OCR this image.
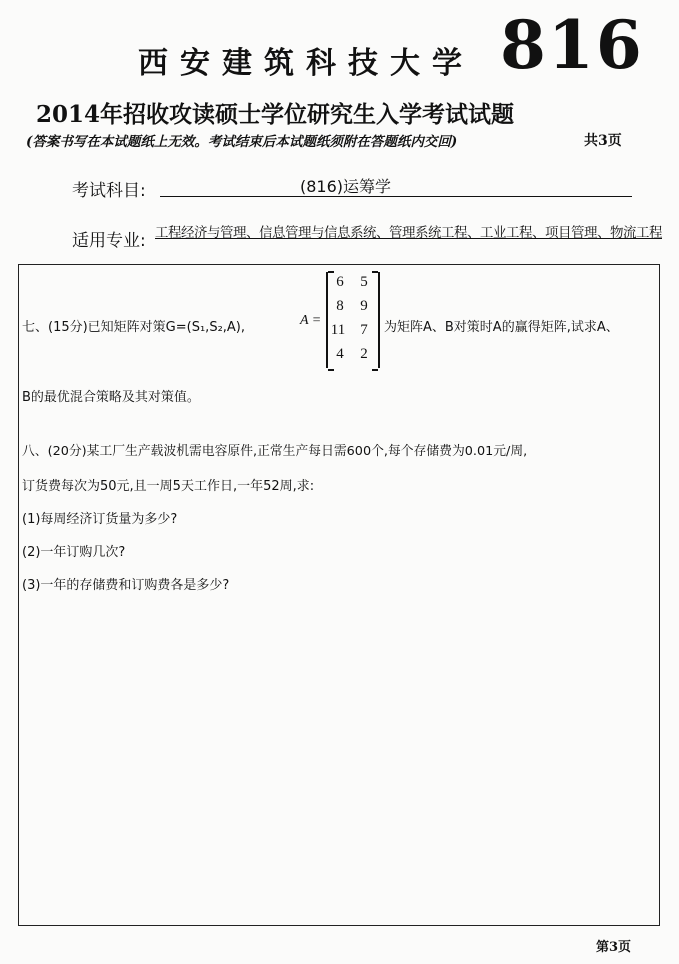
西安建筑科技大学 816
2014年招收攻读硕士学位研究生入学考试试题
(答案书写在本试题纸上无效。考试结束后本试题纸须附在答题纸内交回)	共3页
考试科目:	(816)运筹学
适用专业: 工程经济与管理、信息管理与信息系统、管理系统工程、工业工程、项目管理、物流工程
七、(15分)已知矩阵对策G=(S₁,S₂,A),	A =
6 5
8 9
11 7
4 2
为矩阵A、B对策时A的赢得矩阵,试求A、
B的最优混合策略及其对策值。
八、(20分)某工厂生产载波机需电容原件,正常生产每日需600个,每个存储费为0.01元/周,
订货费每次为50元,且一周5天工作日,一年52周,求:
(1)每周经济订货量为多少?
(2)一年订购几次?
(3)一年的存储费和订购费各是多少?
第3页
